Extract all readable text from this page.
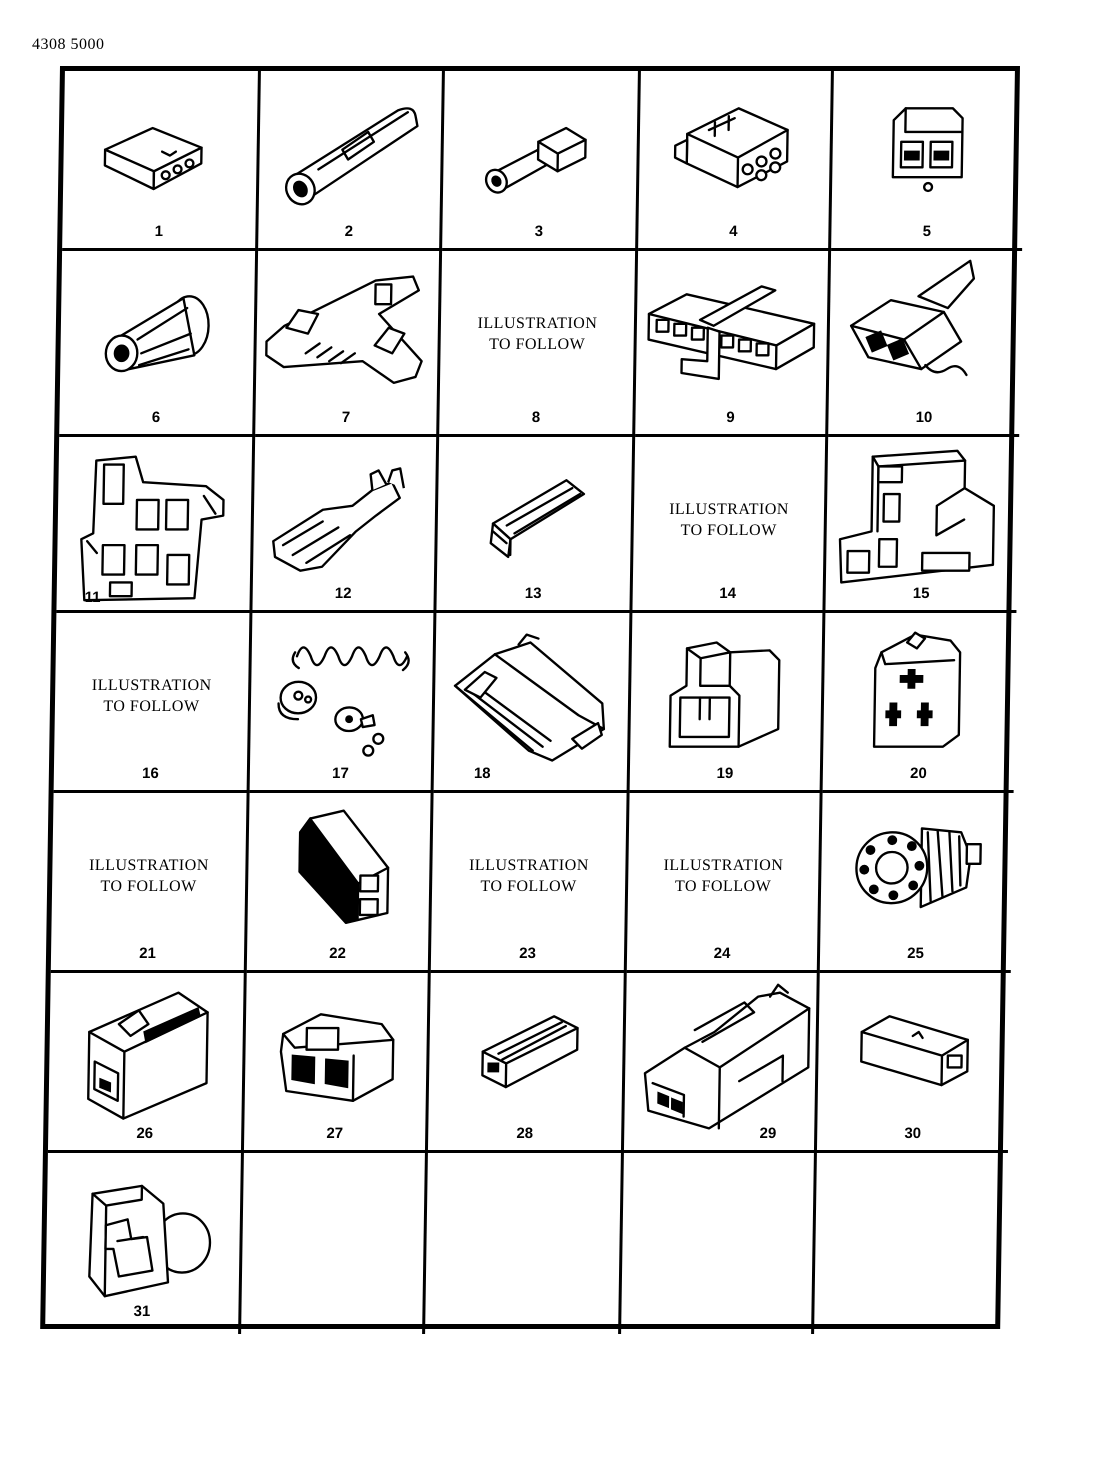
4308 5000
1	2	3	4	5
6	7
ILLUSTRATION
TO FOLLOW
8	9	10
11	12	13
ILLUSTRATION
TO FOLLOW
14	15
ILLUSTRATION
TO FOLLOW
16	17	18	19	20
ILLUSTRATION
TO FOLLOW
21	22
ILLUSTRATION
TO FOLLOW
23
ILLUSTRATION
TO FOLLOW
24	25
26	27	28	29	30
31
